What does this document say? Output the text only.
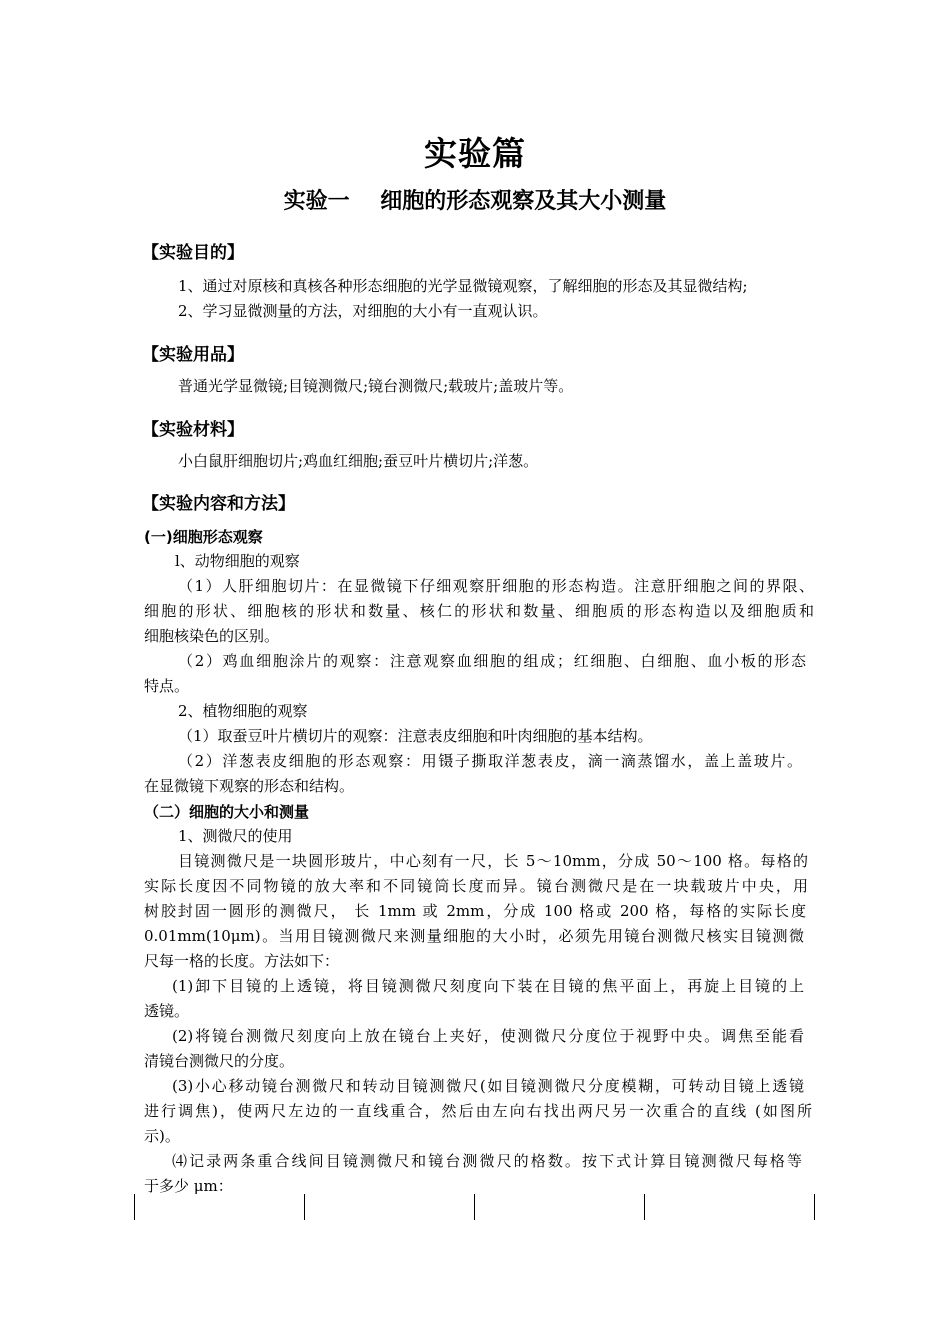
实验篇
实验一    细胞的形态观察及其大小测量
【实验目的】
1、通过对原核和真核各种形态细胞的光学显微镜观察，了解细胞的形态及其显微结构;
2、学习显微测量的方法，对细胞的大小有一直观认识。
【实验用品】
普通光学显微镜;目镜测微尺;镜台测微尺;载玻片;盖玻片等。
【实验材料】
小白鼠肝细胞切片;鸡血红细胞;蚕豆叶片横切片;洋葱。
【实验内容和方法】
(一)细胞形态观察
l、动物细胞的观察
（1）人肝细胞切片：在显微镜下仔细观察肝细胞的形态构造。注意肝细胞之间的界限、
细胞的形状、细胞核的形状和数量、核仁的形状和数量、细胞质的形态构造以及细胞质和
细胞核染色的区别。
（2）鸡血细胞涂片的观察：注意观察血细胞的组成；红细胞、白细胞、血小板的形态
特点。
2、植物细胞的观察
（1）取蚕豆叶片横切片的观察：注意表皮细胞和叶肉细胞的基本结构。
（2）洋葱表皮细胞的形态观察：用镊子撕取洋葱表皮，滴一滴蒸馏水，盖上盖玻片。
在显微镜下观察的形态和结构。
（二）细胞的大小和测量
1、测微尺的使用
目镜测微尺是一块圆形玻片，中心刻有一尺，长 5～10mm，分成 50～100 格。每格的
实际长度因不同物镜的放大率和不同镜筒长度而异。镜台测微尺是在一块载玻片中央，用
树胶封固一圆形的测微尺， 长 1mm 或 2mm，分成 100 格或 200 格，每格的实际长度
0.01mm(10μm)。当用目镜测微尺来测量细胞的大小时，必须先用镜台测微尺核实目镜测微
尺每一格的长度。方法如下：
(1)卸下目镜的上透镜，将目镜测微尺刻度向下装在目镜的焦平面上，再旋上目镜的上
透镜。
(2)将镜台测微尺刻度向上放在镜台上夹好，使测微尺分度位于视野中央。调焦至能看
清镜台测微尺的分度。
(3)小心移动镜台测微尺和转动目镜测微尺(如目镜测微尺分度模糊，可转动目镜上透镜
进行调焦)，使两尺左边的一直线重合，然后由左向右找出两尺另一次重合的直线 (如图所
示)。
⑷记录两条重合线间目镜测微尺和镜台测微尺的格数。按下式计算目镜测微尺每格等
于多少 μm：
